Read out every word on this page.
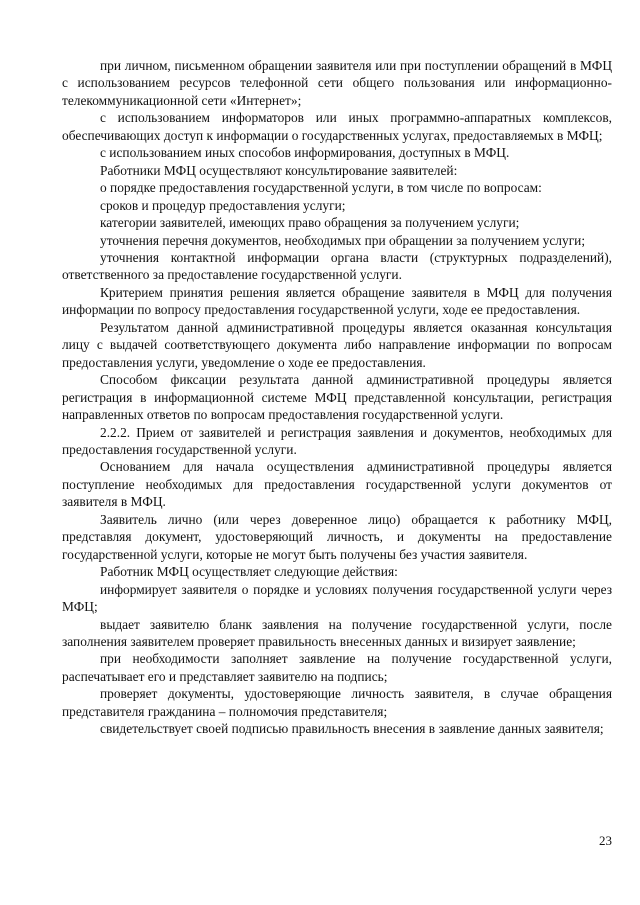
при личном, письменном обращении заявителя или при поступлении обращений в МФЦ с использованием ресурсов телефонной сети общего пользования или информационно-телекоммуникационной сети «Интернет»;

с использованием информаторов или иных программно-аппаратных комплексов, обеспечивающих доступ к информации о государственных услугах, предоставляемых в МФЦ;

с использованием иных способов информирования, доступных в МФЦ.

Работники МФЦ осуществляют консультирование заявителей:

о порядке предоставления государственной услуги, в том числе по вопросам:

сроков и процедур предоставления услуги;

категории заявителей, имеющих право обращения за получением услуги;

уточнения перечня документов, необходимых при обращении за получением услуги;

уточнения контактной информации органа власти (структурных подразделений), ответственного за предоставление государственной услуги.

Критерием принятия решения является обращение заявителя в МФЦ для получения информации по вопросу предоставления государственной услуги, ходе ее предоставления.

Результатом данной административной процедуры является оказанная консультация лицу с выдачей соответствующего документа либо направление информации по вопросам предоставления услуги, уведомление о ходе ее предоставления.

Способом фиксации результата данной административной процедуры является регистрация в информационной системе МФЦ представленной консультации, регистрация направленных ответов по вопросам предоставления государственной услуги.

2.2.2. Прием от заявителей и регистрация заявления и документов, необходимых для предоставления государственной услуги.

Основанием для начала осуществления административной процедуры является поступление необходимых для предоставления государственной услуги документов от заявителя в МФЦ.

Заявитель лично (или через доверенное лицо) обращается к работнику МФЦ, представляя документ, удостоверяющий личность, и документы на предоставление государственной услуги, которые не могут быть получены без участия заявителя.

Работник МФЦ осуществляет следующие действия:

информирует заявителя о порядке и условиях получения государственной услуги через МФЦ;

выдает заявителю бланк заявления на получение государственной услуги, после заполнения заявителем проверяет правильность внесенных данных и визирует заявление;

при необходимости заполняет заявление на получение государственной услуги, распечатывает его и представляет заявителю на подпись;

проверяет документы, удостоверяющие личность заявителя, в случае обращения представителя гражданина – полномочия представителя;

свидетельствует своей подписью правильность внесения в заявление данных заявителя;

23
